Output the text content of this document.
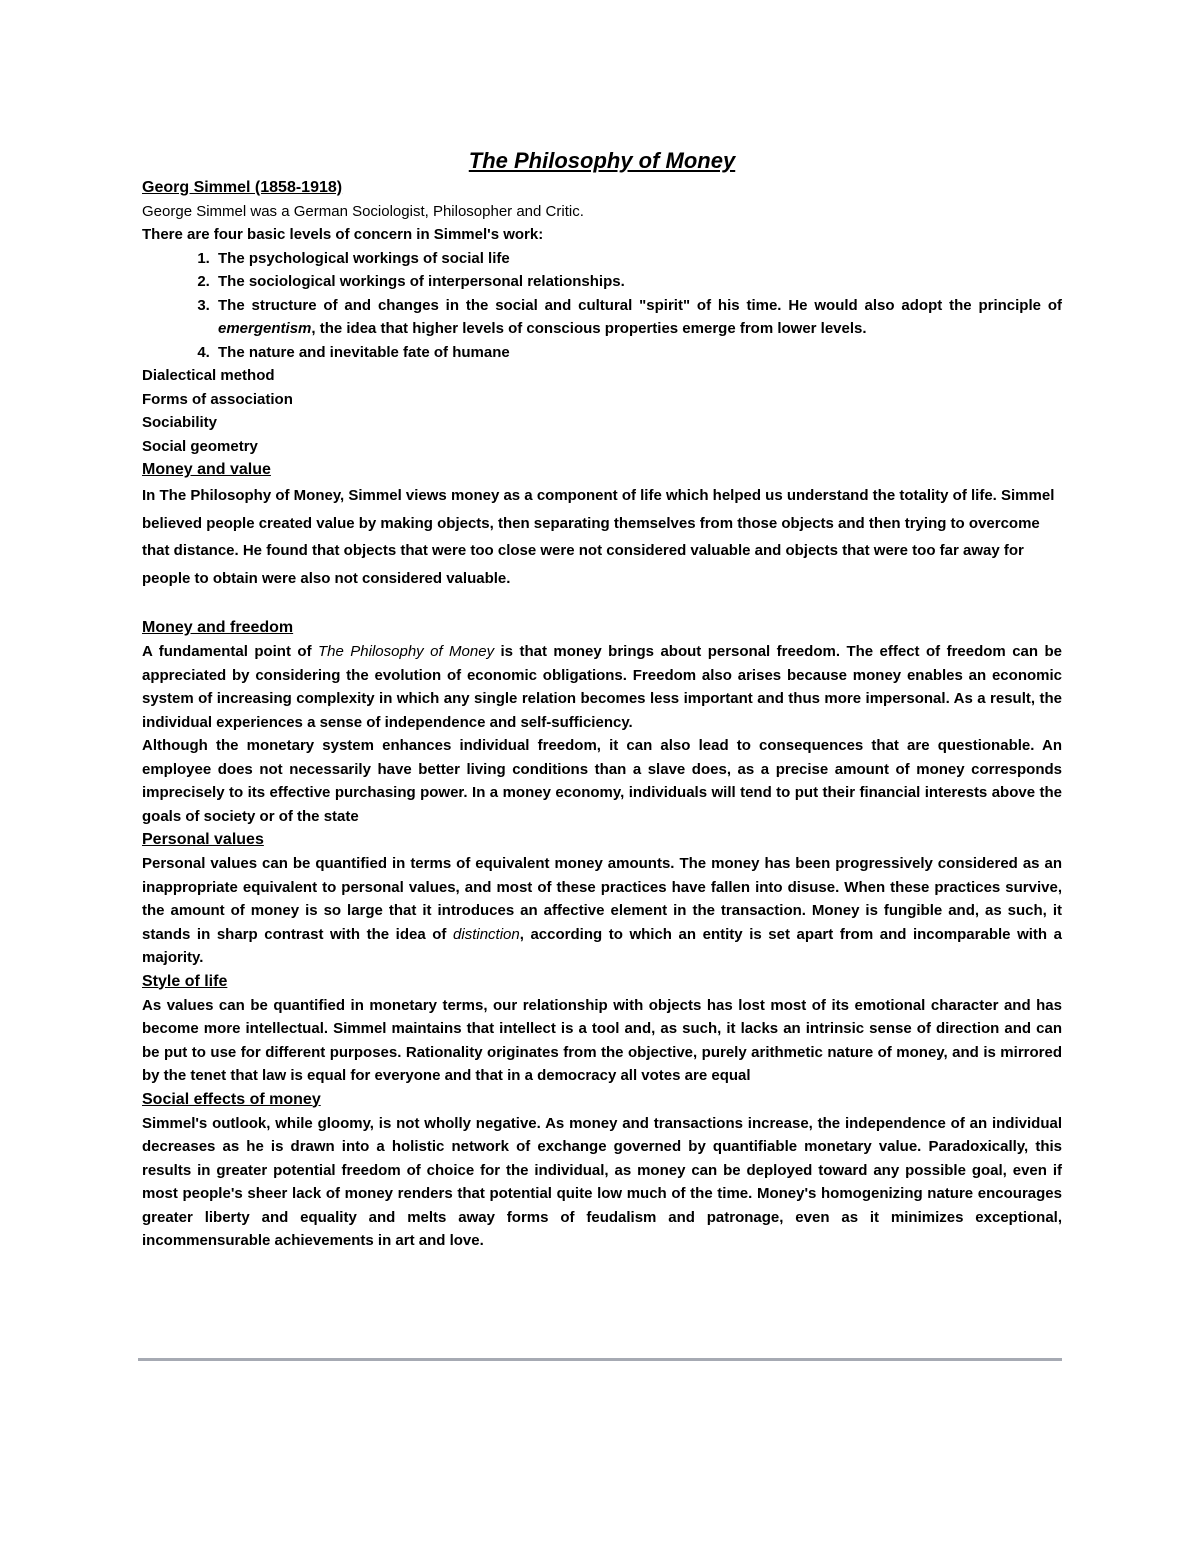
The Philosophy of Money

Georg Simmel (1858-1918)

George Simmel was a German Sociologist, Philosopher and Critic.

There are four basic levels of concern in Simmel's work:

1. The psychological workings of social life
2. The sociological workings of interpersonal relationships.
3. The structure of and changes in the social and cultural "spirit" of his time. He would also adopt the principle of emergentism, the idea that higher levels of conscious properties emerge from lower levels.
4. The nature and inevitable fate of humane

Dialectical method

Forms of association

Sociability

Social geometry

Money and value

In The Philosophy of Money, Simmel views money as a component of life which helped us understand the totality of life. Simmel believed people created value by making objects, then separating themselves from those objects and then trying to overcome that distance. He found that objects that were too close were not considered valuable and objects that were too far away for people to obtain were also not considered valuable.

Money and freedom

A fundamental point of The Philosophy of Money is that money brings about personal freedom. The effect of freedom can be appreciated by considering the evolution of economic obligations. Freedom also arises because money enables an economic system of increasing complexity in which any single relation becomes less important and thus more impersonal. As a result, the individual experiences a sense of independence and self-sufficiency.

Although the monetary system enhances individual freedom, it can also lead to consequences that are questionable. An employee does not necessarily have better living conditions than a slave does, as a precise amount of money corresponds imprecisely to its effective purchasing power. In a money economy, individuals will tend to put their financial interests above the goals of society or of the state

Personal values

Personal values can be quantified in terms of equivalent money amounts. The money has been progressively considered as an inappropriate equivalent to personal values, and most of these practices have fallen into disuse. When these practices survive, the amount of money is so large that it introduces an affective element in the transaction. Money is fungible and, as such, it stands in sharp contrast with the idea of distinction, according to which an entity is set apart from and incomparable with a majority.

Style of life

As values can be quantified in monetary terms, our relationship with objects has lost most of its emotional character and has become more intellectual. Simmel maintains that intellect is a tool and, as such, it lacks an intrinsic sense of direction and can be put to use for different purposes. Rationality originates from the objective, purely arithmetic nature of money, and is mirrored by the tenet that law is equal for everyone and that in a democracy all votes are equal

Social effects of money

Simmel's outlook, while gloomy, is not wholly negative. As money and transactions increase, the independence of an individual decreases as he is drawn into a holistic network of exchange governed by quantifiable monetary value. Paradoxically, this results in greater potential freedom of choice for the individual, as money can be deployed toward any possible goal, even if most people's sheer lack of money renders that potential quite low much of the time. Money's homogenizing nature encourages greater liberty and equality and melts away forms of feudalism and patronage, even as it minimizes exceptional, incommensurable achievements in art and love.
